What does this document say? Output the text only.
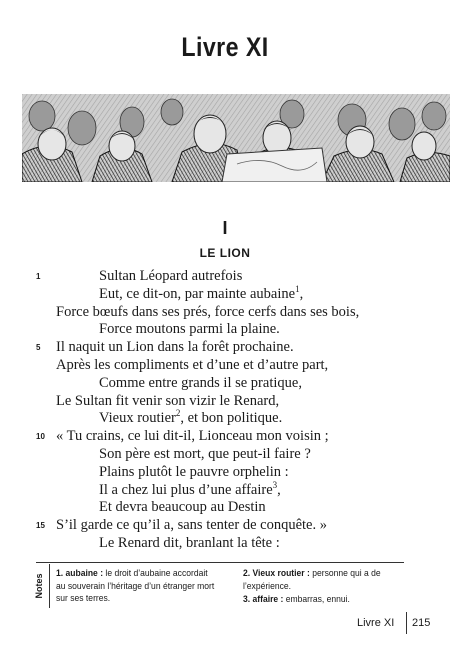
Livre XI
I
LE LION
1	Sultan Léopard autrefois
Eut, ce dit-on, par mainte aubaine$^1$,
Force bœufs dans ses prés, force cerfs dans ses bois,
Force moutons parmi la plaine.
5	Il naquit un Lion dans la forêt prochaine.
Après les compliments et d’une et d’autre part,
Comme entre grands il se pratique,
Le Sultan fit venir son vizir le Renard,
Vieux routier$^2$, et bon politique.
10 « Tu crains, ce lui dit-il, Lionceau mon voisin ;
Son père est mort, que peut-il faire ?
Plains plutôt le pauvre orphelin :
Il a chez lui plus d’une affaire$^3$,
Et devra beaucoup au Destin
15 S’il garde ce qu’il a, sans tenter de conquête. »
Le Renard dit, branlant la tête :
Notes 1. aubaine : le droit d’aubaine accordait au souverain l’héritage d’un étranger mort sur ses terres.
2. Vieux routier : personne qui a de l’expérience.
3. affaire : embarras, ennui.
Livre XI 215
